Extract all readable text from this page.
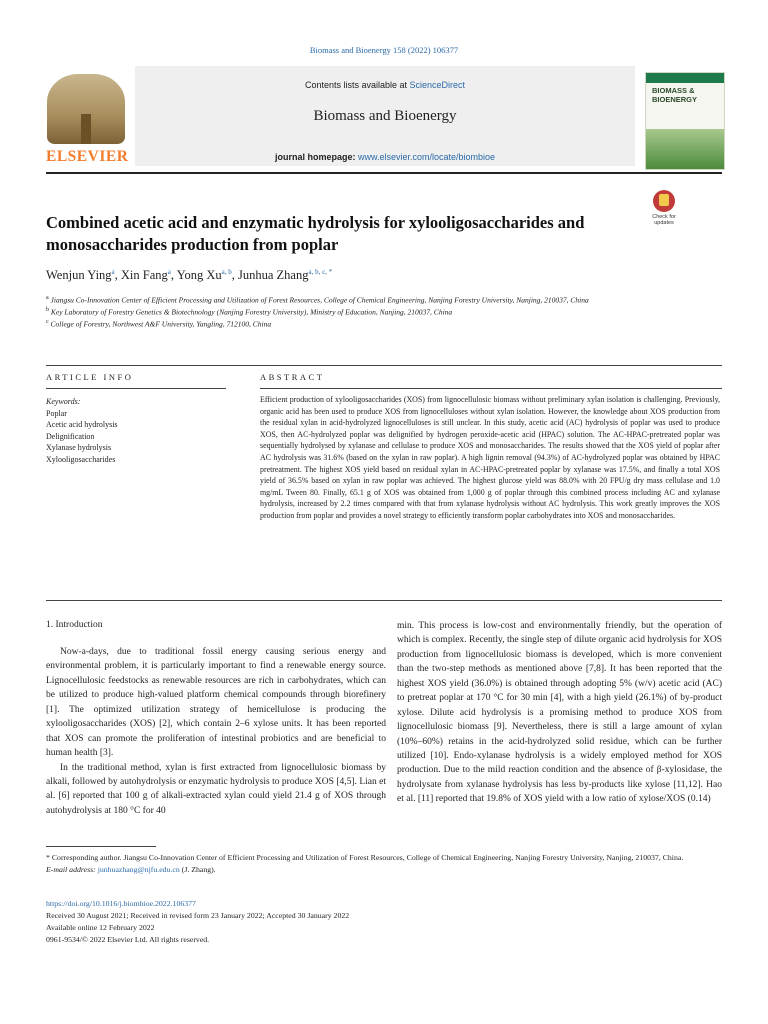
Biomass and Bioenergy 158 (2022) 106377
ELSEVIER
Contents lists available at ScienceDirect
Biomass and Bioenergy
journal homepage: www.elsevier.com/locate/biombioe
BIOMASS &
BIOENERGY
Check for
updates
Combined acetic acid and enzymatic hydrolysis for xylooligosaccharides and monosaccharides production from poplar
Wenjun Ying$^a$, Xin Fang$^a$, Yong Xu$^{a, b}$, Junhua Zhang$^{a, b, c, *}$
$^a$ Jiangsu Co-Innovation Center of Efficient Processing and Utilization of Forest Resources, College of Chemical Engineering, Nanjing Forestry University, Nanjing, 210037, China
$^b$ Key Laboratory of Forestry Genetics & Biotechnology (Nanjing Forestry University), Ministry of Education, Nanjing, 210037, China
$^c$ College of Forestry, Northwest A&F University, Yangling, 712100, China
ARTICLE INFO	ABSTRACT
Keywords:
Poplar
Acetic acid hydrolysis
Delignification
Xylanase hydrolysis
Xylooligosaccharides
Efficient production of xylooligosaccharides (XOS) from lignocellulosic biomass without preliminary xylan isolation is challenging. Previously, organic acid has been used to produce XOS from lignocelluloses without xylan isolation. However, the knowledge about XOS production from the residual xylan in acid-hydrolyzed lignocelluloses is still unclear. In this study, acetic acid (AC) hydrolysis of poplar was used to produce XOS, then AC-hydrolyzed poplar was delignified by hydrogen peroxide-acetic acid (HPAC) solution. The AC-HPAC-pretreated poplar was sequentially hydrolysed by xylanase and cellulase to produce XOS and monosaccharides. The results showed that the XOS yield of poplar after AC hydrolysis was 31.6% (based on the xylan in raw poplar). A high lignin removal (94.3%) of AC-hydrolyzed poplar was obtained by HPAC pretreatment. The highest XOS yield based on residual xylan in AC-HPAC-pretreated poplar by xylanase was 17.5%, and finally a total XOS yield of 36.5% based on xylan in raw poplar was achieved. The highest glucose yield was 88.0% with 20 FPU/g dry mass cellulase and 1.0 mg/mL Tween 80. Finally, 65.1 g of XOS was obtained from 1,000 g of poplar through this combined process including AC and xylanase hydrolysis, increased by 2.2 times compared with that from xylanase hydrolysis without AC hydrolysis. This work greatly improves the XOS production from poplar and provides a novel strategy to efficiently transform poplar carbohydrates into XOS and monosaccharides.
1. Introduction

Now-a-days, due to traditional fossil energy causing serious energy and environmental problem, it is particularly important to find a renewable energy source. Lignocellulosic feedstocks as renewable resources are rich in carbohydrates, which can be utilized to produce high-valued platform chemical compounds through biorefinery [1]. The optimized utilization strategy of hemicellulose is producing the xylooligosaccharides (XOS) [2], which contain 2–6 xylose units. It has been reported that XOS can promote the proliferation of intestinal probiotics and are beneficial to human health [3].

In the traditional method, xylan is first extracted from lignocellulosic biomass by alkali, followed by autohydrolysis or enzymatic hydrolysis to produce XOS [4,5]. Lian et al. [6] reported that 100 g of alkali-extracted xylan could yield 21.4 g of XOS through autohydrolysis at 180 °C for 40

min. This process is low-cost and environmentally friendly, but the operation of which is complex. Recently, the single step of dilute organic acid hydrolysis for XOS production from lignocellulosic biomass is developed, which is more convenient than the two-step methods as mentioned above [7,8]. It has been reported that the highest XOS yield (36.0%) is obtained through adopting 5% (w/v) acetic acid (AC) to pretreat poplar at 170 °C for 30 min [4], with a high yield (26.1%) of by-product xylose. Dilute acid hydrolysis is a promising method to produce XOS from lignocellulosic biomass [9]. Nevertheless, there is still a large amount of xylan (10%–60%) retains in the acid-hydrolyzed solid residue, which can be further utilized [10]. Endo-xylanase hydrolysis is a widely employed method for XOS production. Due to the mild reaction condition and the absence of β-xylosidase, the hydrolysate from xylanase hydrolysis has less by-products like xylose [11,12]. Hao et al. [11] reported that 19.8% of XOS yield with a low ratio of xylose/XOS (0.14)

* Corresponding author. Jiangsu Co-Innovation Center of Efficient Processing and Utilization of Forest Resources, College of Chemical Engineering, Nanjing Forestry University, Nanjing, 210037, China.
E-mail address: junhuazhang@njfu.edu.cn (J. Zhang).
https://doi.org/10.1016/j.biombioe.2022.106377
Received 30 August 2021; Received in revised form 23 January 2022; Accepted 30 January 2022
Available online 12 February 2022
0961-9534/© 2022 Elsevier Ltd. All rights reserved.
